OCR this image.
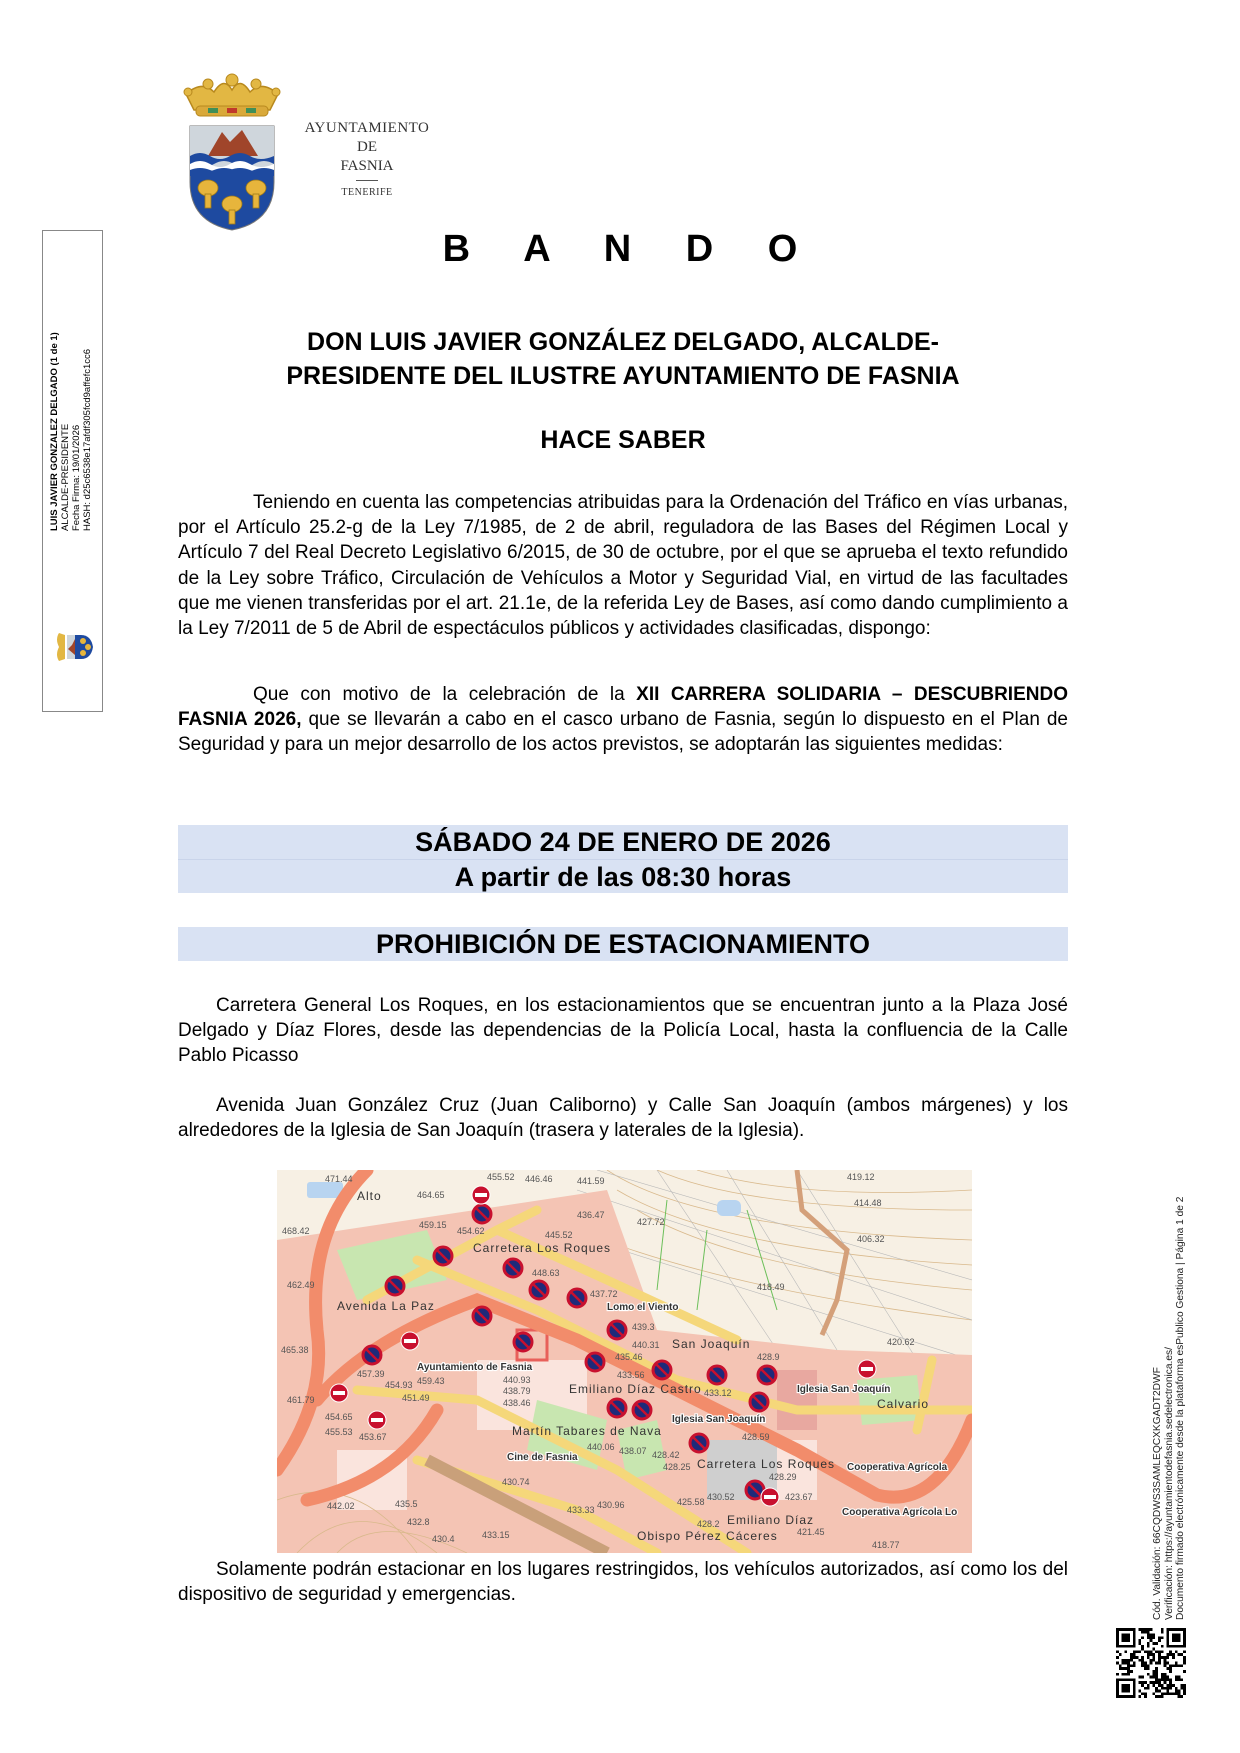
AYUNTAMIENTO
DE
FASNIA
TENERIFE
LUIS JAVIER GONZALEZ DELGADO (1 de 1) ALCALDE-PRESIDENTE Fecha Firma: 19/01/2026 HASH: d25c6538e17afdf305fcd9affefc1cc6
B A N D O
DON LUIS JAVIER GONZÁLEZ DELGADO, ALCALDE-
PRESIDENTE DEL ILUSTRE AYUNTAMIENTO DE FASNIA
HACE SABER
Teniendo en cuenta las competencias atribuidas para la Ordenación del Tráfico en vías urbanas, por el Artículo 25.2-g de la Ley 7/1985, de 2 de abril, reguladora de las Bases del Régimen Local y Artículo 7 del Real Decreto Legislativo 6/2015, de 30 de octubre, por el que se aprueba el texto refundido de la Ley sobre Tráfico, Circulación de Vehículos a Motor y Seguridad Vial, en virtud de las facultades que me vienen transferidas por el art. 21.1e, de la referida Ley de Bases, así como dando cumplimiento a la Ley 7/2011 de 5 de Abril de espectáculos públicos y actividades clasificadas, dispongo:
Que con motivo de la celebración de la XII CARRERA SOLIDARIA – DESCUBRIENDO FASNIA 2026, que se llevarán a cabo en el casco urbano de Fasnia, según lo dispuesto en el Plan de Seguridad y para un mejor desarrollo de los actos previstos, se adoptarán las siguientes medidas:
SÁBADO 24 DE ENERO DE 2026
A partir de las 08:30 horas
PROHIBICIÓN DE ESTACIONAMIENTO
Carretera General Los Roques, en los estacionamientos que se encuentran junto a la Plaza José Delgado y Díaz Flores, desde las dependencias de la Policía Local, hasta la confluencia de la Calle Pablo Picasso
Avenida Juan González Cruz (Juan Caliborno) y Calle San Joaquín (ambos márgenes) y los alrededores de la Iglesia de San Joaquín (trasera y laterales de la Iglesia).
Ayuntamiento de Fasnia
Lomo el Viento
Iglesia San Joaquín
Iglesia San Joaquín
Cine de Fasnia
Cooperativa Agrícola
Cooperativa Agrícola Lo
Alto
Avenida La Paz
Carretera Los Roques
San Joaquín
Calvario
Emiliano Díaz Castro
Martín Tabares de Nava
Obispo Pérez Cáceres
Carretera Los Roques
Emiliano Díaz
471.44
464.65
459.15
455.52 446.46
454.62
468.42
462.49
448.63
445.52
441.59
436.47
437.72
439.3
440.31
427.72
418.49
419.12
414.48
406.32
420.62
465.38
457.39
459.43
454.93
451.49
461.79
454.65
455.53 453.67
440.93
438.79
438.46
440.06
435.5
442.02
432.8
430.4
433.33 430.96
435.46
433.56
433.12
428.9
428.59
438.07 428.42
428.25
428.29
430.52	423.67
421.45
425.58
428.2
430.74
433.15
418.77
Solamente podrán estacionar en los lugares restringidos, los vehículos autorizados, así como los del dispositivo de seguridad y emergencias.	Cód. Validación: 66CQDWS3SAMLEQCXKGADT2DWF Verificación: https://ayuntamientodefasnia.sedelectronica.es/ Documento firmado electrónicamente desde la plataforma esPublico Gestiona | Página 1 de 2
